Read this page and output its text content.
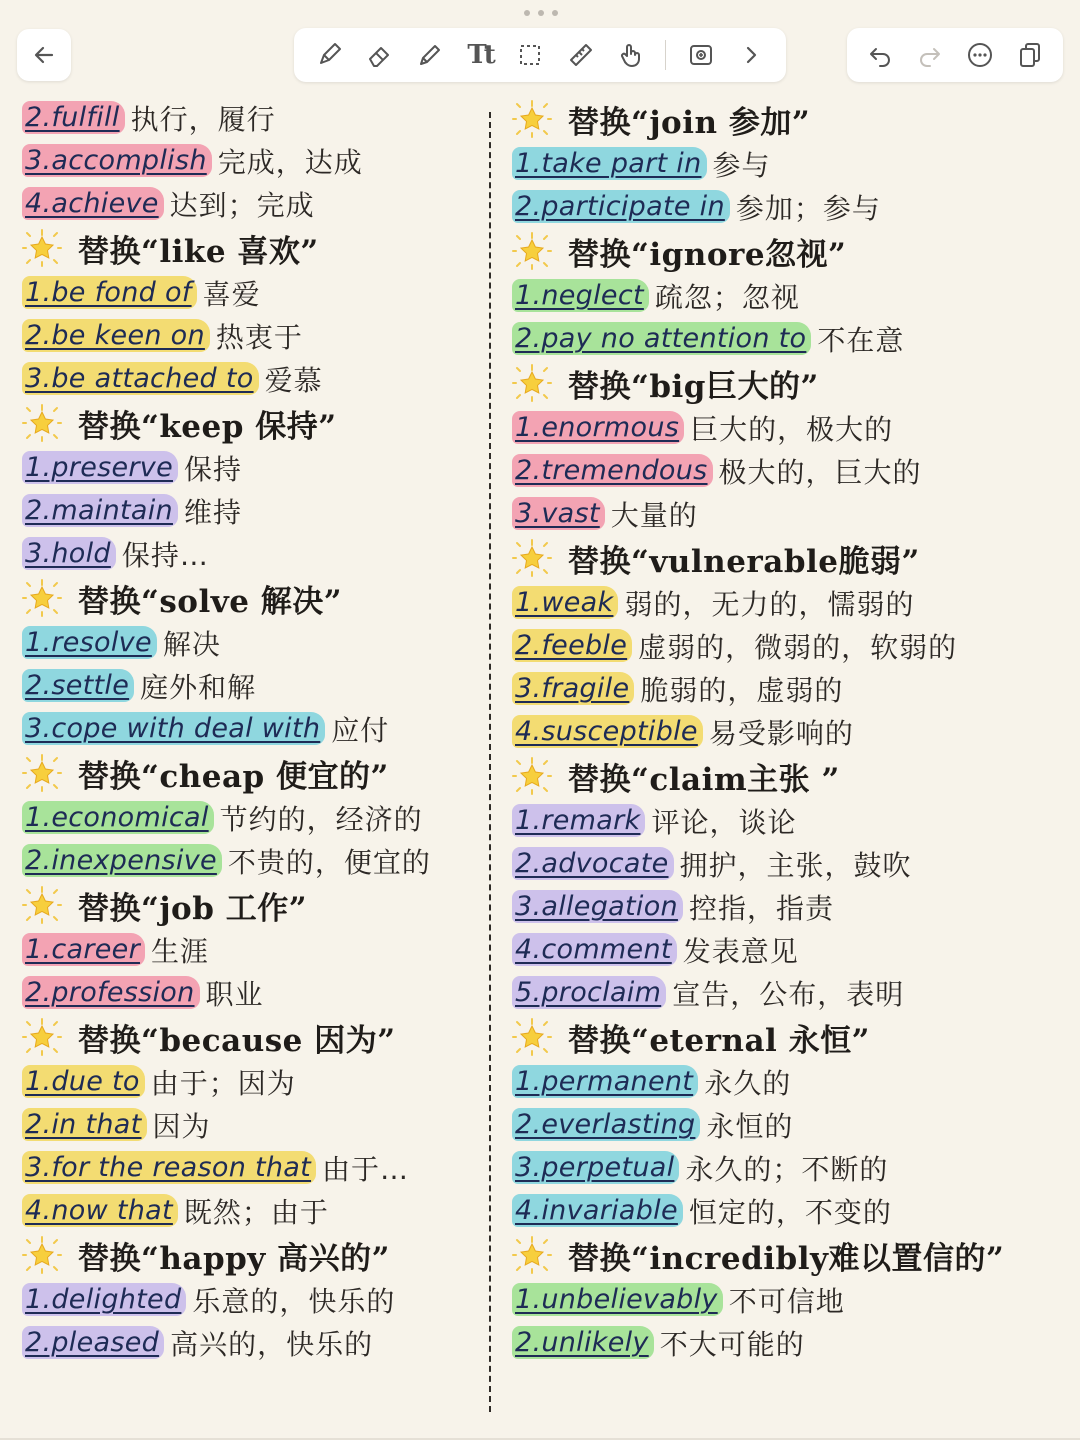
Tt
2.fulfill 执行，履行
3.accomplish 完成，达成
4.achieve 达到；完成
替换“like 喜欢”
1.be fond of 喜爱
2.be keen on 热衷于
3.be attached to 爱慕
替换“keep 保持”
1.preserve 保持
2.maintain 维持
3.hold 保持…
替换“solve 解决”
1.resolve 解决
2.settle 庭外和解
3.cope with deal with 应付
替换“cheap 便宜的”
1.economical 节约的，经济的
2.inexpensive 不贵的，便宜的
替换“job 工作”
1.career 生涯
2.profession 职业
替换“because 因为”
1.due to 由于；因为
2.in that 因为
3.for the reason that 由于…
4.now that 既然；由于
替换“happy 高兴的”
1.delighted 乐意的，快乐的
2.pleased 高兴的，快乐的
替换“join 参加”
1.take part in 参与
2.participate in 参加；参与
替换“ignore忽视”
1.neglect 疏忽；忽视
2.pay no attention to 不在意
替换“big巨大的”
1.enormous 巨大的，极大的
2.tremendous 极大的，巨大的
3.vast 大量的
替换“vulnerable脆弱”
1.weak 弱的，无力的，懦弱的
2.feeble 虚弱的，微弱的，软弱的
3.fragile 脆弱的，虚弱的
4.susceptible 易受影响的
替换“claim主张 ”
1.remark 评论，谈论
2.advocate 拥护，主张，鼓吹
3.allegation 控指，指责
4.comment 发表意见
5.proclaim 宣告，公布，表明
替换“eternal 永恒”
1.permanent 永久的
2.everlasting 永恒的
3.perpetual 永久的；不断的
4.invariable 恒定的，不变的
替换“incredibly难以置信的”
1.unbelievably 不可信地
2.unlikely 不大可能的
